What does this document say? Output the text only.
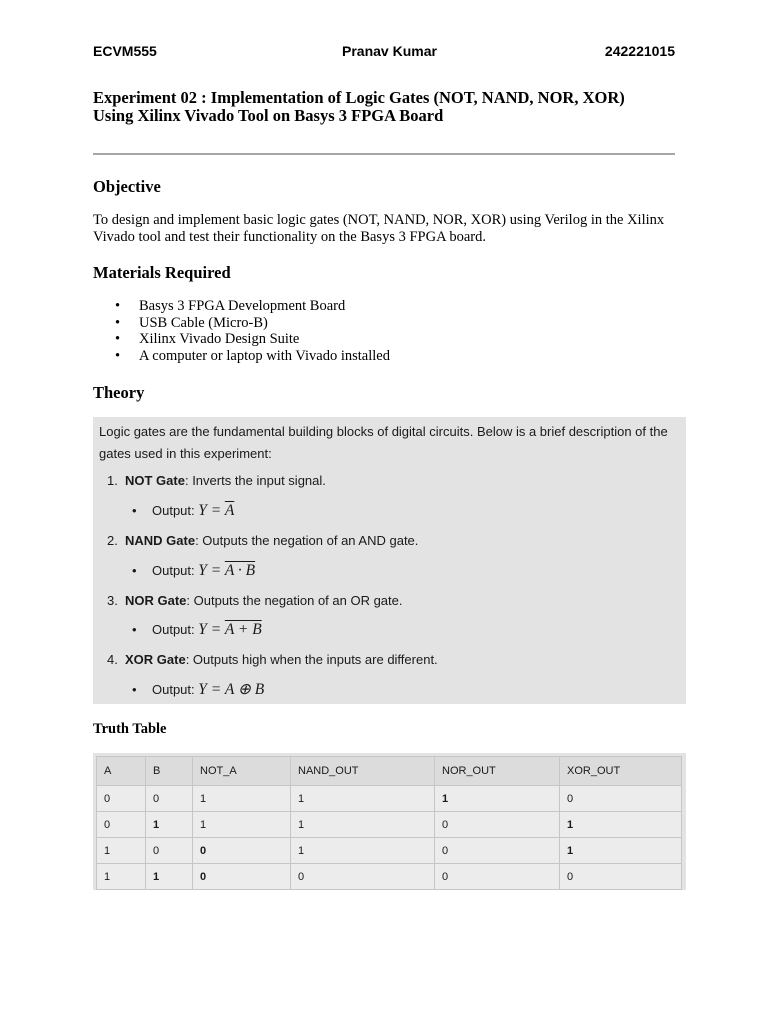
ECVM555	Pranav Kumar	242221015
Experiment 02 : Implementation of Logic Gates (NOT, NAND, NOR, XOR)
Using Xilinx Vivado Tool on Basys 3 FPGA Board
Objective
To design and implement basic logic gates (NOT, NAND, NOR, XOR) using Verilog in the Xilinx Vivado tool and test their functionality on the Basys 3 FPGA board.
Materials Required
• Basys 3 FPGA Development Board
• USB Cable (Micro-B)
• Xilinx Vivado Design Suite
• A computer or laptop with Vivado installed
Theory
Logic gates are the fundamental building blocks of digital circuits. Below is a brief description of the gates used in this experiment:
1. NOT Gate: Inverts the input signal.
• Output: $Y = \overline{A}$
2. NAND Gate: Outputs the negation of an AND gate.
• Output: Y = A · B
3. NOR Gate: Outputs the negation of an OR gate.
• Output: Y = A + B
4. XOR Gate: Outputs high when the inputs are different.
• Output: Y = A ⊕ B
Truth Table
A	B	NOT_A	NAND_OUT	NOR_OUT	XOR_OUT
0	0	1	1	1	0
0	1	1	1	0	1
1	0	0	1	0	1
1	1	0	0	0	0
